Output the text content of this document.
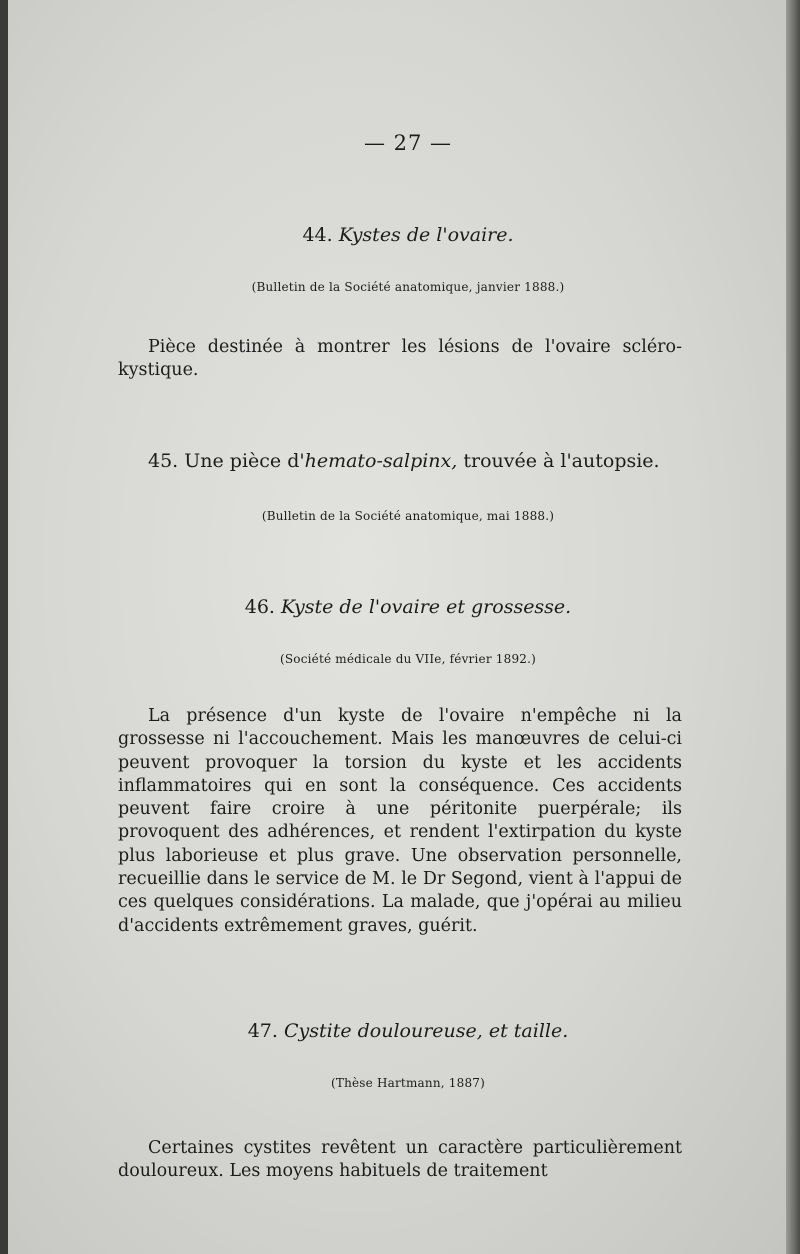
— 27 —
44. Kystes de l'ovaire.
(Bulletin de la Société anatomique, janvier 1888.)
Pièce destinée à montrer les lésions de l'ovaire scléro-kystique.
45. Une pièce d'hemato-salpinx, trouvée à l'autopsie.
(Bulletin de la Société anatomique, mai 1888.)
46. Kyste de l'ovaire et grossesse.
(Société médicale du VIIe, février 1892.)
La présence d'un kyste de l'ovaire n'empêche ni la grossesse ni l'accouchement. Mais les manœuvres de celui-ci peuvent provoquer la torsion du kyste et les accidents inflammatoires qui en sont la conséquence. Ces accidents peuvent faire croire à une péritonite puerpérale; ils provoquent des adhérences, et rendent l'extirpation du kyste plus laborieuse et plus grave. Une observation personnelle, recueillie dans le service de M. le Dr Segond, vient à l'appui de ces quelques considérations. La malade, que j'opérai au milieu d'accidents extrêmement graves, guérit.
47. Cystite douloureuse, et taille.
(Thèse Hartmann, 1887)
Certaines cystites revêtent un caractère particulièrement douloureux. Les moyens habituels de traitement
